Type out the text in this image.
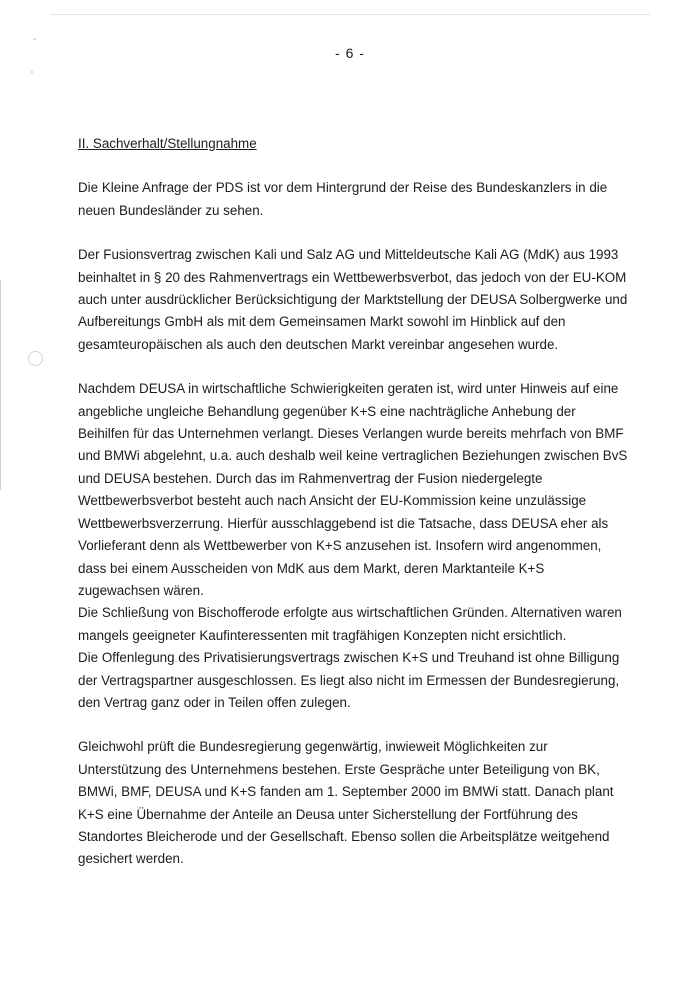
-
'
- 6 -
II. Sachverhalt/Stellungnahme
Die Kleine Anfrage der PDS ist vor dem Hintergrund der Reise des Bundeskanzlers in die
neuen Bundesländer zu sehen.
Der Fusionsvertrag zwischen Kali und Salz AG und Mitteldeutsche Kali AG (MdK) aus 1993
beinhaltet in § 20 des Rahmenvertrags ein Wettbewerbsverbot, das jedoch von der EU-KOM
auch unter ausdrücklicher Berücksichtigung der Marktstellung der DEUSA Solbergwerke und
Aufbereitungs GmbH als mit dem Gemeinsamen Markt sowohl im Hinblick auf den
gesamteuropäischen als auch den deutschen Markt vereinbar angesehen wurde.
Nachdem DEUSA in wirtschaftliche Schwierigkeiten geraten ist, wird unter Hinweis auf eine
angebliche ungleiche Behandlung gegenüber K+S eine nachträgliche Anhebung der
Beihilfen für das Unternehmen verlangt. Dieses Verlangen wurde bereits mehrfach von BMF
und BMWi abgelehnt, u.a. auch deshalb weil keine vertraglichen Beziehungen zwischen BvS
und DEUSA bestehen. Durch das im Rahmenvertrag der Fusion niedergelegte
Wettbewerbsverbot besteht auch nach Ansicht der EU-Kommission keine unzulässige
Wettbewerbsverzerrung. Hierfür ausschlaggebend ist die Tatsache, dass DEUSA eher als
Vorlieferant denn als Wettbewerber von K+S anzusehen ist. Insofern wird angenommen,
dass bei einem Ausscheiden von MdK aus dem Markt, deren Marktanteile K+S
zugewachsen wären.
Die Schließung von Bischofferode erfolgte aus wirtschaftlichen Gründen. Alternativen waren
mangels geeigneter Kaufinteressenten mit tragfähigen Konzepten nicht ersichtlich.
Die Offenlegung des Privatisierungsvertrags zwischen K+S und Treuhand ist ohne Billigung
der Vertragspartner ausgeschlossen. Es liegt also nicht im Ermessen der Bundesregierung,
den Vertrag ganz oder in Teilen offen zulegen.
Gleichwohl prüft die Bundesregierung gegenwärtig, inwieweit Möglichkeiten zur
Unterstützung des Unternehmens bestehen. Erste Gespräche unter Beteiligung von BK,
BMWi, BMF, DEUSA und K+S fanden am 1. September 2000 im BMWi statt. Danach plant
K+S eine Übernahme der Anteile an Deusa unter Sicherstellung der Fortführung des
Standortes Bleicherode und der Gesellschaft. Ebenso sollen die Arbeitsplätze weitgehend
gesichert werden.
